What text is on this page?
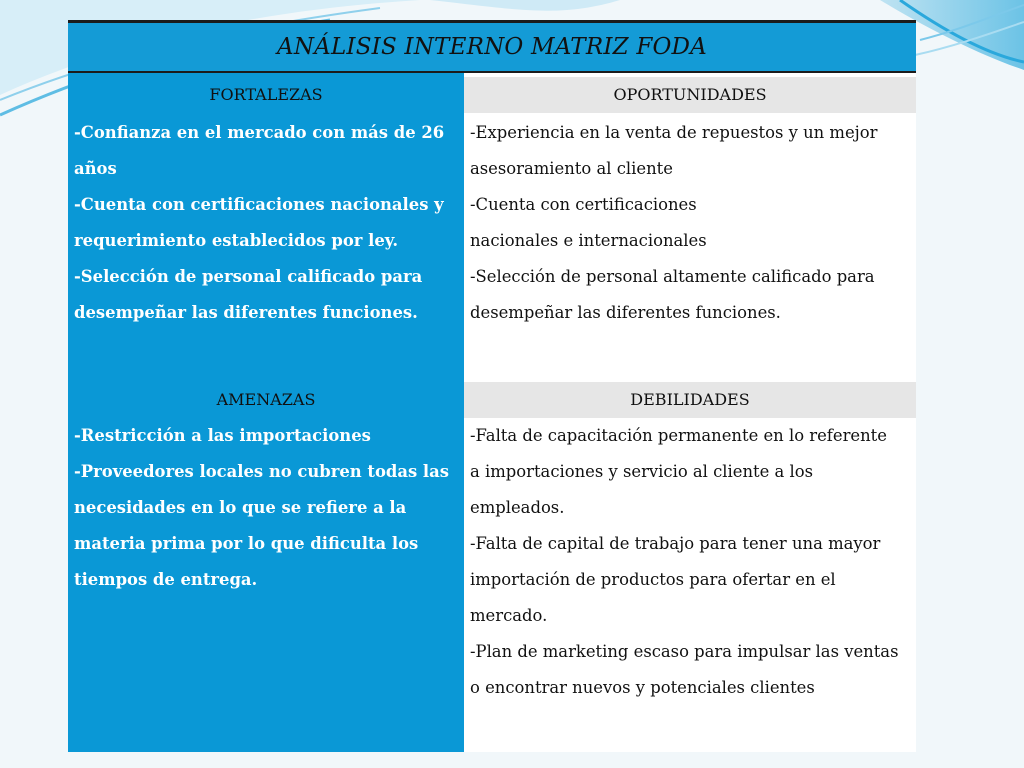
ANÁLISIS INTERNO MATRIZ FODA
FORTALEZAS

-Confianza en el mercado con más de 26

años

-Cuenta con certificaciones nacionales y

requerimiento establecidos por ley.

-Selección de personal calificado para

desempeñar las diferentes funciones.

AMENAZAS

-Restricción a las importaciones

-Proveedores locales no cubren todas las

necesidades en lo que se refiere a la

materia prima por lo que dificulta los

tiempos de entrega.

OPORTUNIDADES

-Experiencia en la venta de repuestos y un mejor

asesoramiento al cliente

-Cuenta con certificaciones

nacionales e internacionales

-Selección de personal altamente calificado para

desempeñar las diferentes funciones.

DEBILIDADES

-Falta de capacitación permanente en lo referente

a importaciones y servicio al cliente a los

empleados.

-Falta de capital de trabajo para tener una mayor

importación de productos para ofertar en el

mercado.

-Plan de marketing escaso para impulsar las ventas

o encontrar nuevos y potenciales clientes
